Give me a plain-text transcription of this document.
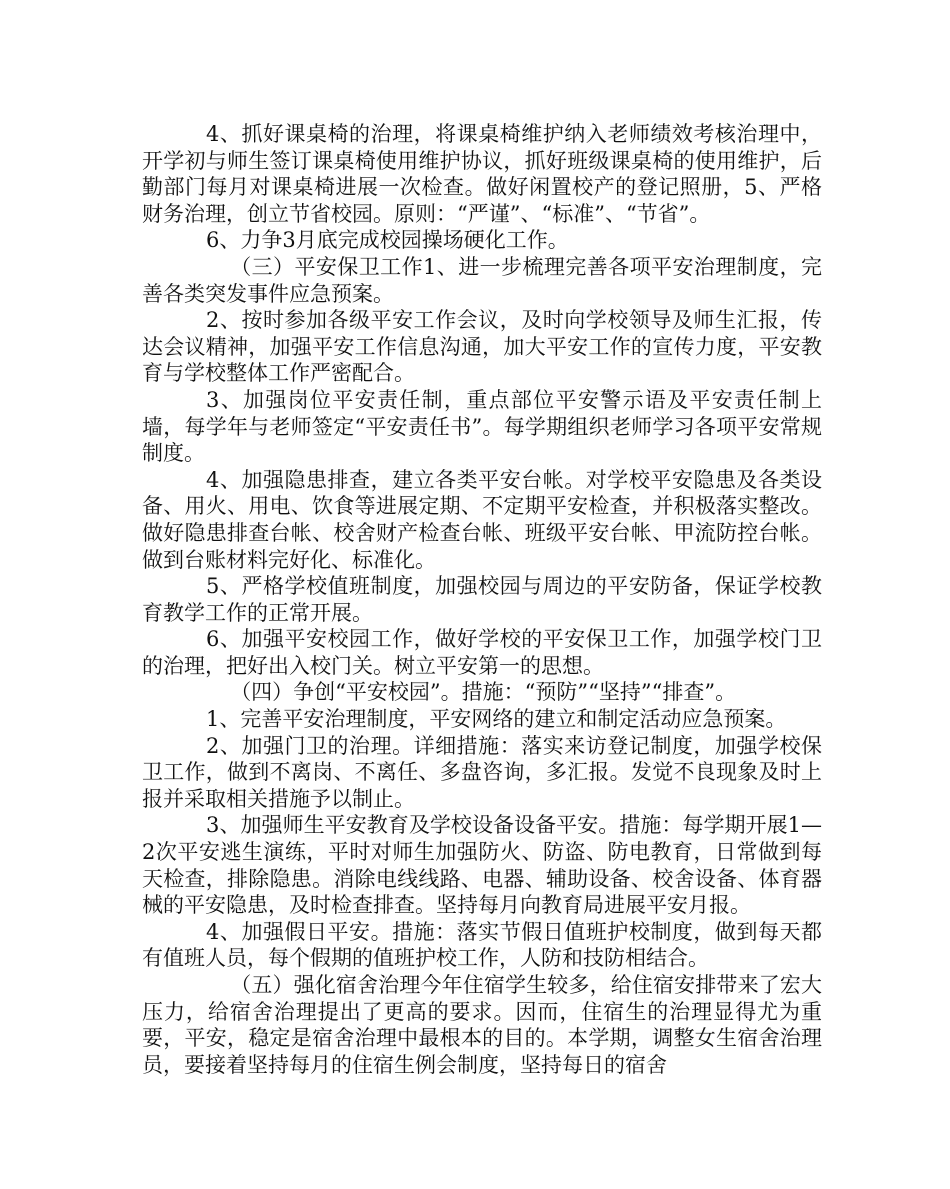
4、抓好课桌椅的治理，将课桌椅维护纳入老师绩效考核治理中，开学初与师生签订课桌椅使用维护协议，抓好班级课桌椅的使用维护，后勤部门每月对课桌椅进展一次检查。做好闲置校产的登记照册，5、严格财务治理，创立节省校园。原则：“严谨”、“标准”、“节省”。

6、力争3月底完成校园操场硬化工作。

（三）平安保卫工作1、进一步梳理完善各项平安治理制度，完善各类突发事件应急预案。

2、按时参加各级平安工作会议，及时向学校领导及师生汇报，传达会议精神，加强平安工作信息沟通，加大平安工作的宣传力度，平安教育与学校整体工作严密配合。

3、加强岗位平安责任制，重点部位平安警示语及平安责任制上墙，每学年与老师签定“平安责任书”。每学期组织老师学习各项平安常规制度。

4、加强隐患排查，建立各类平安台帐。对学校平安隐患及各类设备、用火、用电、饮食等进展定期、不定期平安检查，并积极落实整改。做好隐患排查台帐、校舍财产检查台帐、班级平安台帐、甲流防控台帐。做到台账材料完好化、标准化。

5、严格学校值班制度，加强校园与周边的平安防备，保证学校教育教学工作的正常开展。

6、加强平安校园工作，做好学校的平安保卫工作，加强学校门卫的治理，把好出入校门关。树立平安第一的思想。

（四）争创“平安校园”。措施：“预防”“坚持”“排查”。

1、完善平安治理制度，平安网络的建立和制定活动应急预案。

2、加强门卫的治理。详细措施：落实来访登记制度，加强学校保卫工作，做到不离岗、不离任、多盘咨询，多汇报。发觉不良现象及时上报并采取相关措施予以制止。

3、加强师生平安教育及学校设备设备平安。措施：每学期开展1—2次平安逃生演练，平时对师生加强防火、防盗、防电教育，日常做到每天检查，排除隐患。消除电线线路、电器、辅助设备、校舍设备、体育器械的平安隐患，及时检查排查。坚持每月向教育局进展平安月报。

4、加强假日平安。措施：落实节假日值班护校制度，做到每天都有值班人员，每个假期的值班护校工作，人防和技防相结合。

（五）强化宿舍治理今年住宿学生较多，给住宿安排带来了宏大压力，给宿舍治理提出了更高的要求。因而，住宿生的治理显得尤为重要，平安，稳定是宿舍治理中最根本的目的。本学期，调整女生宿舍治理员，要接着坚持每月的住宿生例会制度，坚持每日的宿舍
